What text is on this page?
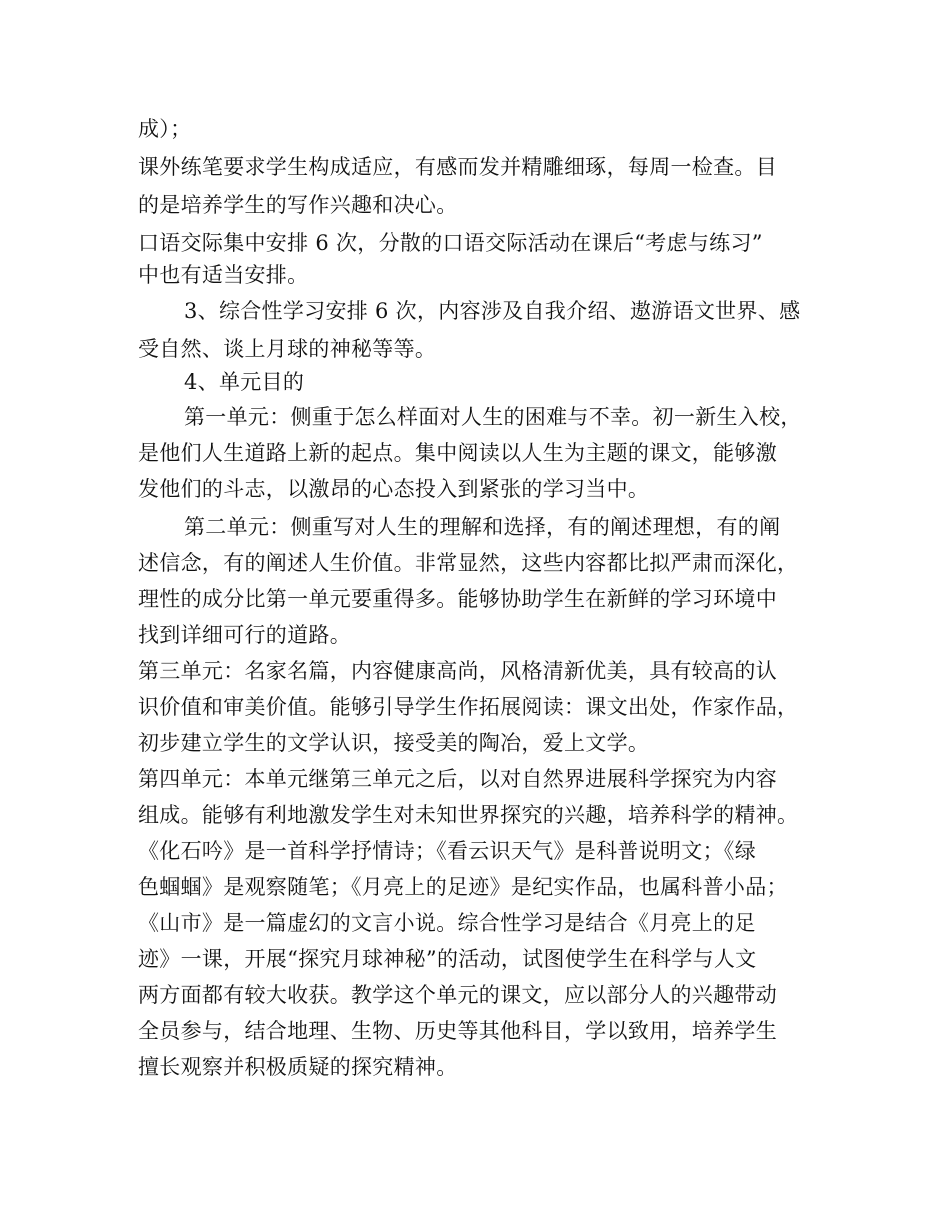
成）；
课外练笔要求学生构成适应，有感而发并精雕细琢，每周一检查。目
的是培养学生的写作兴趣和决心。
口语交际集中安排 6 次，分散的口语交际活动在课后“考虑与练习”
中也有适当安排。
3、综合性学习安排 6 次，内容涉及自我介绍、遨游语文世界、感
受自然、谈上月球的神秘等等。
4、单元目的
第一单元：侧重于怎么样面对人生的困难与不幸。初一新生入校，
是他们人生道路上新的起点。集中阅读以人生为主题的课文，能够激
发他们的斗志，以激昂的心态投入到紧张的学习当中。
第二单元：侧重写对人生的理解和选择，有的阐述理想，有的阐
述信念，有的阐述人生价值。非常显然，这些内容都比拟严肃而深化，
理性的成分比第一单元要重得多。能够协助学生在新鲜的学习环境中
找到详细可行的道路。
第三单元：名家名篇，内容健康高尚，风格清新优美，具有较高的认
识价值和审美价值。能够引导学生作拓展阅读：课文出处，作家作品，
初步建立学生的文学认识，接受美的陶冶，爱上文学。
第四单元：本单元继第三单元之后，以对自然界进展科学探究为内容
组成。能够有利地激发学生对未知世界探究的兴趣，培养科学的精神。
《化石吟》是一首科学抒情诗；《看云识天气》是科普说明文；《绿
色蝈蝈》是观察随笔；《月亮上的足迹》是纪实作品，也属科普小品；
《山市》是一篇虚幻的文言小说。综合性学习是结合《月亮上的足
迹》一课，开展“探究月球神秘”的活动，试图使学生在科学与人文
两方面都有较大收获。教学这个单元的课文，应以部分人的兴趣带动
全员参与，结合地理、生物、历史等其他科目，学以致用，培养学生
擅长观察并积极质疑的探究精神。
